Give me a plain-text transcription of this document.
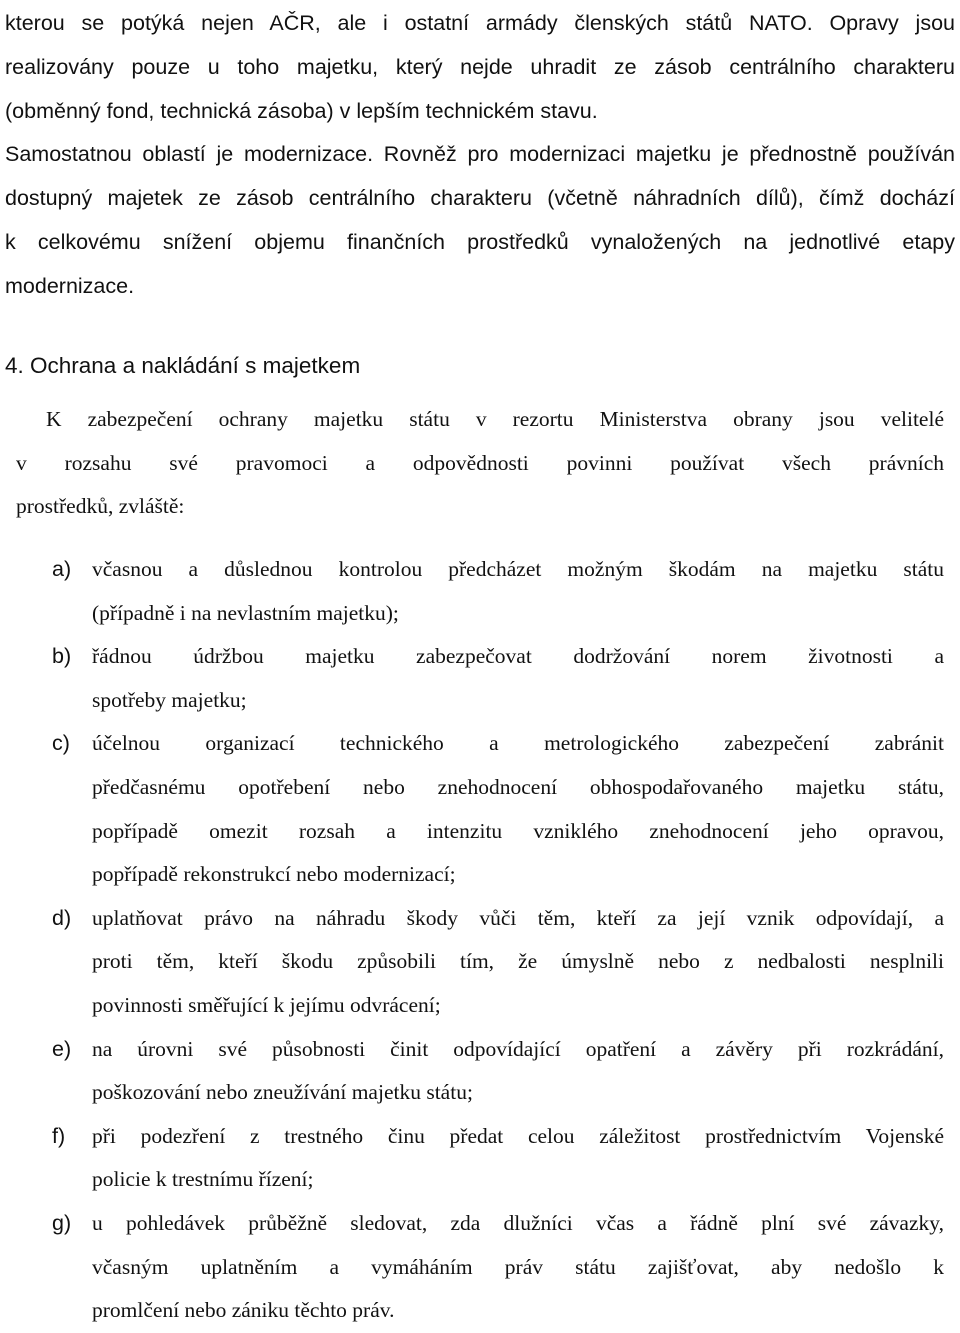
kterou se potýká nejen AČR, ale i ostatní armády členských států NATO. Opravy jsou
realizovány pouze u toho majetku, který nejde uhradit ze zásob centrálního charakteru
(obměnný fond, technická zásoba) v lepším technickém stavu.
Samostatnou oblastí je modernizace. Rovněž pro modernizaci majetku je přednostně používán
dostupný majetek ze zásob centrálního charakteru (včetně náhradních dílů), čímž dochází
k celkovému snížení objemu finančních prostředků vynaložených na jednotlivé etapy
modernizace.
4. Ochrana a nakládání s majetkem
K zabezpečení ochrany majetku státu v rezortu Ministerstva obrany jsou velitelé
v rozsahu své pravomoci a odpovědnosti povinni používat všech právních
prostředků, zvláště:
a) včasnou a důslednou kontrolou předcházet možným škodám na majetku státu
(případně i na nevlastním majetku);
b) řádnou údržbou majetku zabezpečovat dodržování norem životnosti a
spotřeby majetku;
c) účelnou organizací technického a metrologického zabezpečení zabránit
předčasnému opotřebení nebo znehodnocení obhospodařovaného majetku státu,
popřípadě omezit rozsah a intenzitu vzniklého znehodnocení jeho opravou,
popřípadě rekonstrukcí nebo modernizací;
d) uplatňovat právo na náhradu škody vůči těm, kteří za její vznik odpovídají, a
proti těm, kteří škodu způsobili tím, že úmyslně nebo z nedbalosti nesplnili
povinnosti směřující k jejímu odvrácení;
e) na úrovni své působnosti činit odpovídající opatření a závěry při rozkrádání,
poškozování nebo zneužívání majetku státu;
f) při podezření z trestného činu předat celou záležitost prostřednictvím Vojenské
policie k trestnímu řízení;
g) u pohledávek průběžně sledovat, zda dlužníci včas a řádně plní své závazky,
včasným uplatněním a vymáháním práv státu zajišťovat, aby nedošlo k
promlčení nebo zániku těchto práv.
